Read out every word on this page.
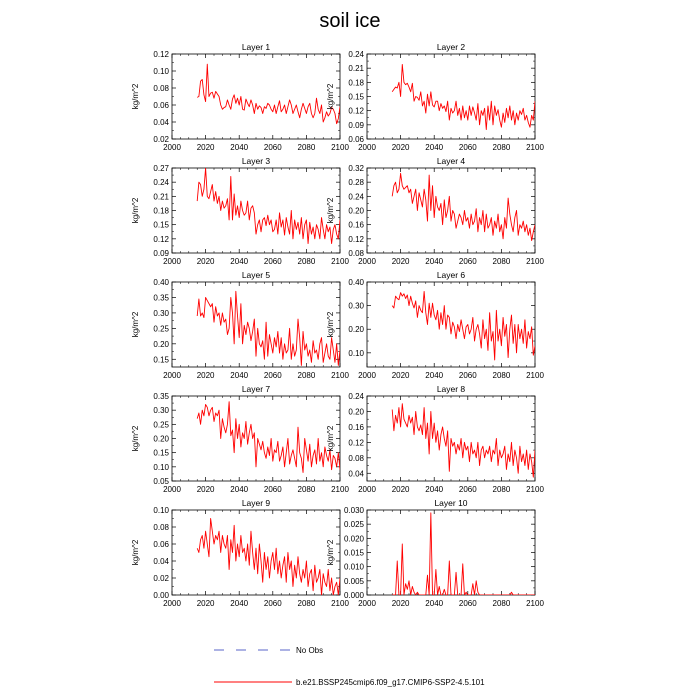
soil ice
Layer 1
2000 2020 2040 2060 2080 2100
0.02
0.04
0.06
0.08
0.10
0.12
kg/m^2
Layer 2
2000 2020 2040 2060 2080 2100
0.06
0.09
0.12
0.15
0.18
0.21
0.24
kg/m^2
Layer 3
2000 2020 2040 2060 2080 2100
0.09
0.12
0.15
0.18
0.21
0.24
0.27
kg/m^2
Layer 4
2000 2020 2040 2060 2080 2100
0.08
0.12
0.16
0.20
0.24
0.28
0.32
kg/m^2
Layer 5
2000 2020 2040 2060 2080 2100
0.15
0.20
0.25
0.30
0.35
0.40
kg/m^2
Layer 6
2000 2020 2040 2060 2080 2100
0.10
0.20
0.30
0.40
kg/m^2
Layer 7
2000 2020 2040 2060 2080 2100
0.05
0.10
0.15
0.20
0.25
0.30
0.35
kg/m^2
Layer 8
2000 2020 2040 2060 2080 2100
0.04
0.08
0.12
0.16
0.20
0.24
kg/m^2
Layer 9
2000 2020 2040 2060 2080 2100
0.00
0.02
0.04
0.06
0.08
0.10
kg/m^2
Layer 10
2000 2020 2040 2060 2080 2100
0.000
0.005
0.010
0.015
0.020
0.025
0.030
kg/m^2
No Obs
b.e21.BSSP245cmip6.f09_g17.CMIP6-SSP2-4.5.101
